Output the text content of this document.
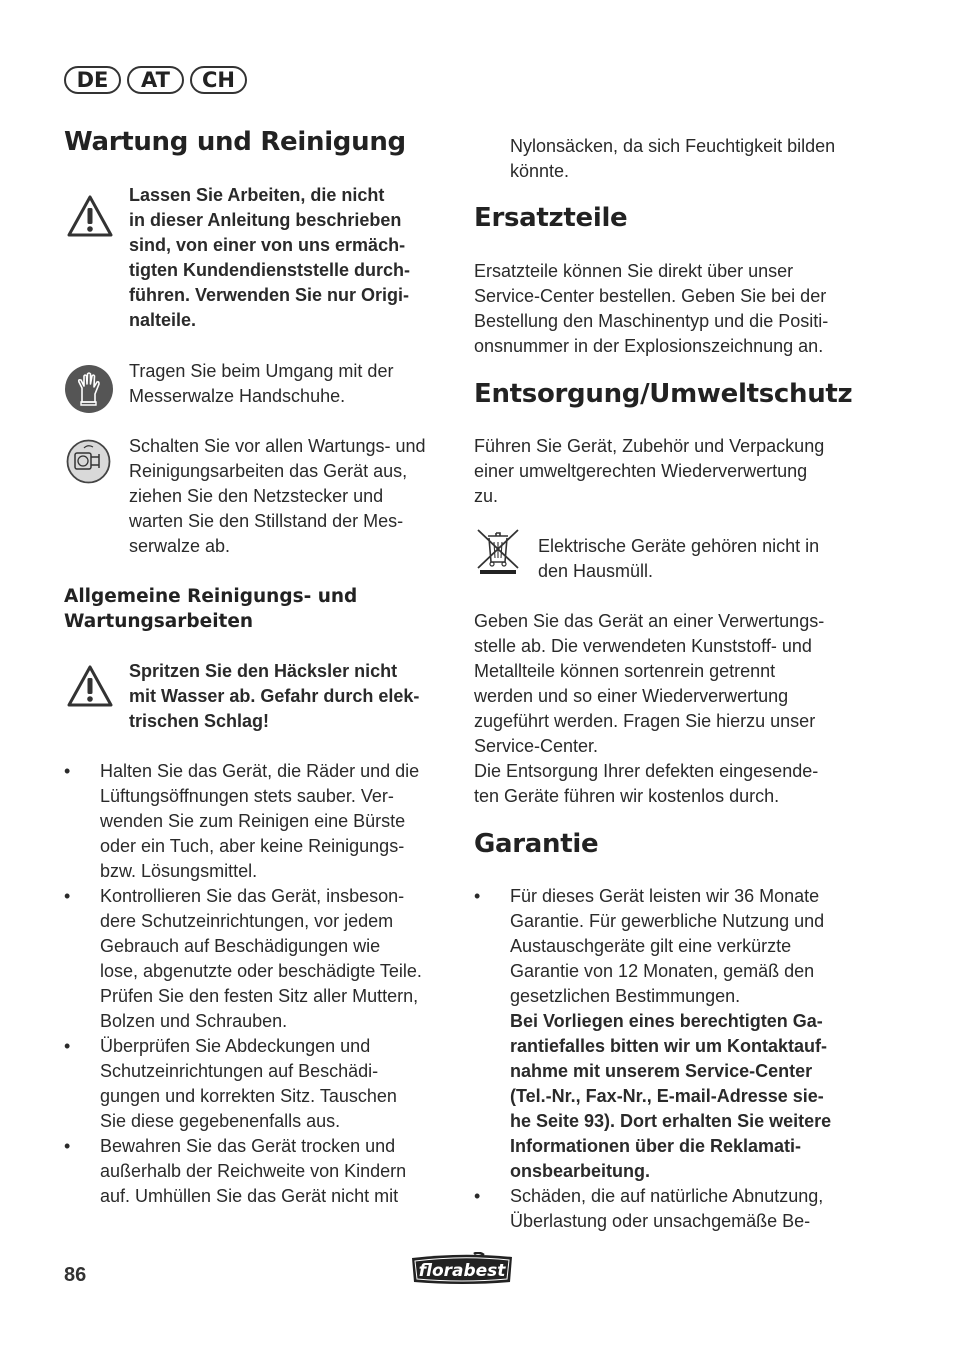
DE	AT	CH
Wartung und Reinigung

Lassen Sie Arbeiten, die nicht

in dieser Anleitung beschrieben

sind, von einer von uns ermäch-

tigten Kundendienststelle durch-

führen. Verwenden Sie nur Origi-

nalteile.

Tragen Sie beim Umgang mit der

Messerwalze Handschuhe.

Schalten Sie vor allen Wartungs- und

Reinigungsarbeiten das Gerät aus,

ziehen Sie den Netzstecker und

warten Sie den Stillstand der Mes-

serwalze ab.

Allgemeine Reinigungs- und
Wartungsarbeiten

Spritzen Sie den Häcksler nicht

mit Wasser ab. Gefahr durch elek-

trischen Schlag!

• Halten Sie das Gerät, die Räder und die

Lüftungsöffnungen stets sauber. Ver-

wenden Sie zum Reinigen eine Bürste

oder ein Tuch, aber keine Reinigungs-

bzw. Lösungsmittel.

• Kontrollieren Sie das Gerät, insbeson-

dere Schutzeinrichtungen, vor jedem

Gebrauch auf Beschädigungen wie

lose, abgenutzte oder beschädigte Teile.

Prüfen Sie den festen Sitz aller Muttern,

Bolzen und Schrauben.

• Überprüfen Sie Abdeckungen und

Schutzeinrichtungen auf Beschädi-

gungen und korrekten Sitz. Tauschen

Sie diese gegebenenfalls aus.

• Bewahren Sie das Gerät trocken und

außerhalb der Reichweite von Kindern

auf. Umhüllen Sie das Gerät nicht mit

Nylonsäcken, da sich Feuchtigkeit bilden

könnte.

Ersatzteile

Ersatzteile können Sie direkt über unser

Service-Center bestellen. Geben Sie bei der

Bestellung den Maschinentyp und die Positi-

onsnummer in der Explosionszeichnung an.

Entsorgung/Umweltschutz

Führen Sie Gerät, Zubehör und Verpackung

einer umweltgerechten Wiederverwertung

zu.

Elektrische Geräte gehören nicht in

den Hausmüll.

Geben Sie das Gerät an einer Verwertungs-

stelle ab. Die verwendeten Kunststoff- und

Metallteile können sortenrein getrennt

werden und so einer Wiederverwertung

zugeführt werden. Fragen Sie hierzu unser

Service-Center.

Die Entsorgung Ihrer defekten eingesende-

ten Geräte führen wir kostenlos durch.

Garantie

• Für dieses Gerät leisten wir 36 Monate

Garantie. Für gewerbliche Nutzung und

Austauschgeräte gilt eine verkürzte

Garantie von 12 Monaten, gemäß den

gesetzlichen Bestimmungen.

Bei Vorliegen eines berechtigten Ga-

rantiefalles bitten wir um Kontaktauf-

nahme mit unserem Service-Center

(Tel.-Nr., Fax-Nr., E-mail-Adresse sie-

he Seite 93). Dort erhalten Sie weitere

Informationen über die Reklamati-

onsbearbeitung.

• Schäden, die auf natürliche Abnutzung,

Überlastung oder unsachgemäße Be-

86	florabest
